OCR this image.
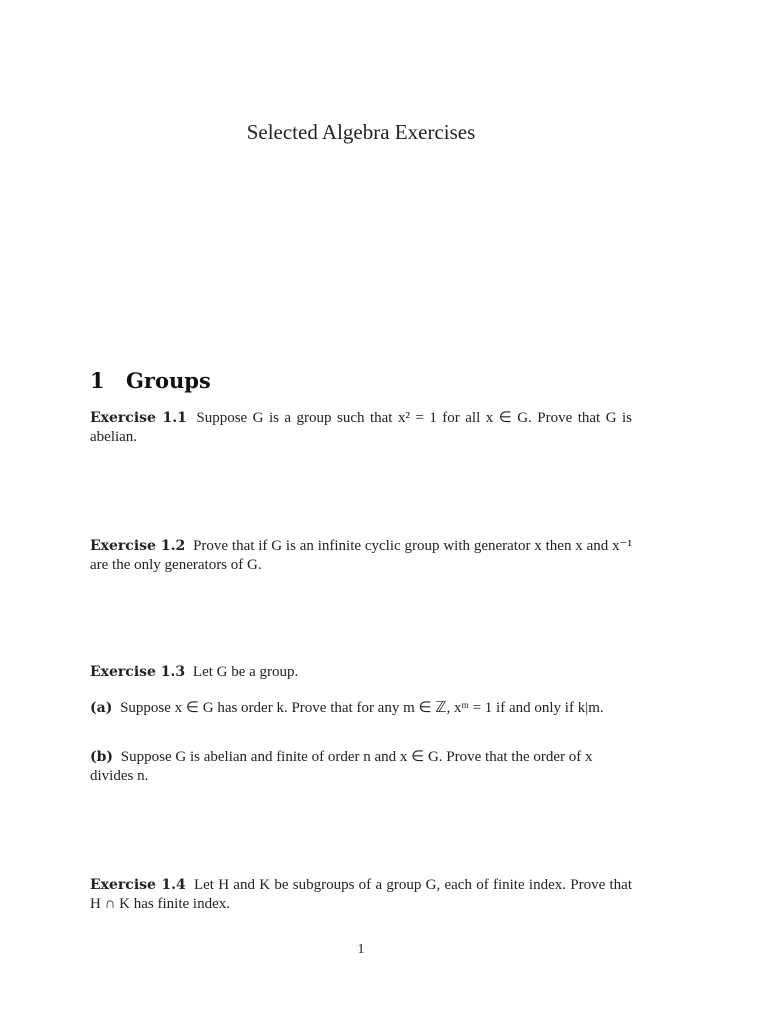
Selected Algebra Exercises
1 Groups
Exercise 1.1 Suppose G is a group such that x² = 1 for all x ∈ G. Prove that G is abelian.
Exercise 1.2 Prove that if G is an infinite cyclic group with generator x then x and x⁻¹ are the only generators of G.
Exercise 1.3 Let G be a group.
(a) Suppose x ∈ G has order k. Prove that for any m ∈ ℤ, xᵐ = 1 if and only if k|m.
(b) Suppose G is abelian and finite of order n and x ∈ G. Prove that the order of x divides n.
Exercise 1.4 Let H and K be subgroups of a group G, each of finite index. Prove that H ∩ K has finite index.
1
